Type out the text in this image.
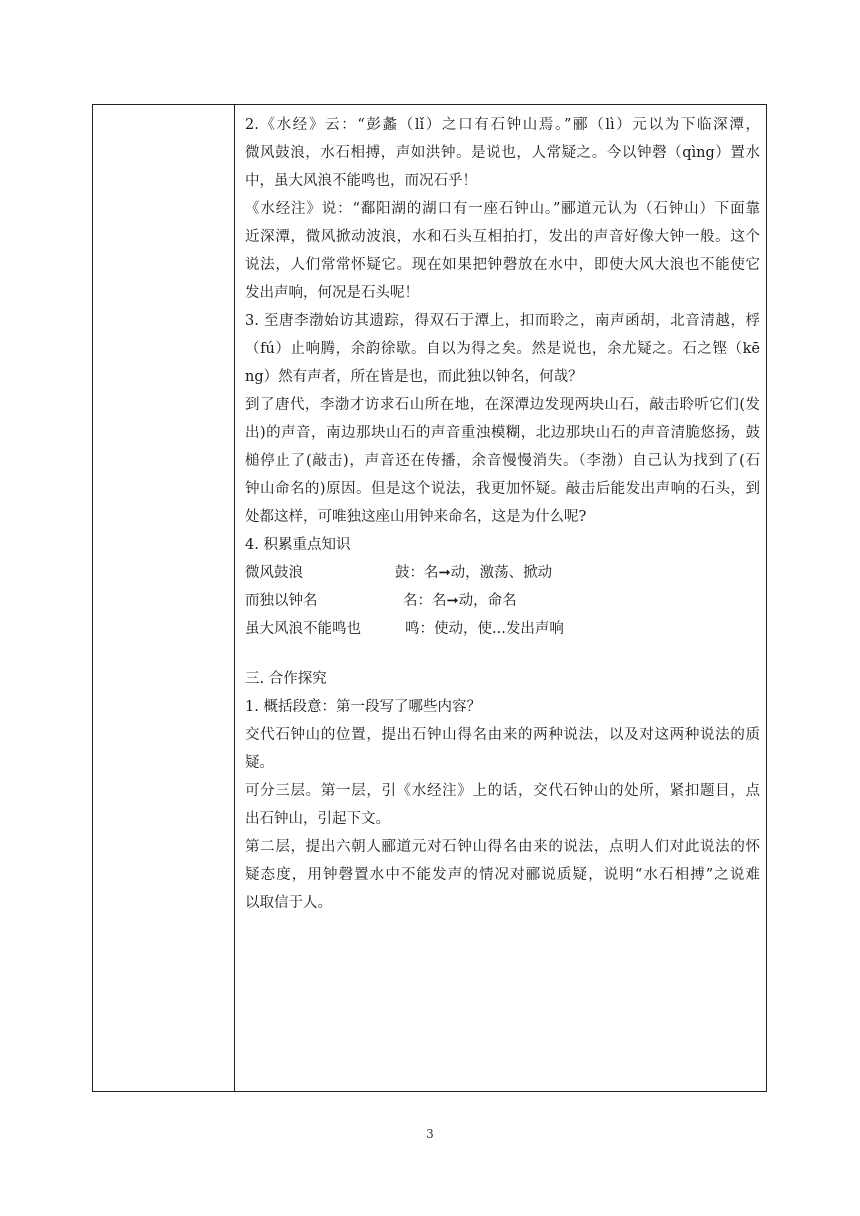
2.《水经》云：“彭蠡（lǐ）之口有石钟山焉。”郦（lì）元以为下临深潭，
微风鼓浪，水石相搏，声如洪钟。是说也，人常疑之。今以钟磬（qìng）置水
中，虽大风浪不能鸣也，而况石乎！
《水经注》说：“鄱阳湖的湖口有一座石钟山。”郦道元认为（石钟山）下面靠
近深潭，微风掀动波浪，水和石头互相拍打，发出的声音好像大钟一般。这个
说法，人们常常怀疑它。现在如果把钟磬放在水中，即使大风大浪也不能使它
发出声响，何况是石头呢！
3. 至唐李渤始访其遗踪，得双石于潭上，扣而聆之，南声函胡，北音清越，桴
（fú）止响腾，余韵徐歇。自以为得之矣。然是说也，余尤疑之。石之铿（kē
ng）然有声者，所在皆是也，而此独以钟名，何哉？
到了唐代，李渤才访求石山所在地，在深潭边发现两块山石，敲击聆听它们(发
出)的声音，南边那块山石的声音重浊模糊，北边那块山石的声音清脆悠扬，鼓
槌停止了(敲击)，声音还在传播，余音慢慢消失。（李渤）自己认为找到了(石
钟山命名的)原因。但是这个说法，我更加怀疑。敲击后能发出声响的石头，到
处都这样，可唯独这座山用钟来命名，这是为什么呢?
4. 积累重点知识
微风鼓浪	鼓：名➞动，激荡、掀动
而独以钟名	名：名➞动，命名
虽大风浪不能鸣也	鸣：使动，使...发出声响
三. 合作探究
1. 概括段意：第一段写了哪些内容？
交代石钟山的位置，提出石钟山得名由来的两种说法，以及对这两种说法的质
疑。
可分三层。第一层，引《水经注》上的话，交代石钟山的处所，紧扣题目，点
出石钟山，引起下文。
第二层，提出六朝人郦道元对石钟山得名由来的说法，点明人们对此说法的怀
疑态度，用钟磬置水中不能发声的情况对郦说质疑，说明“水石相搏”之说难
以取信于人。
3
